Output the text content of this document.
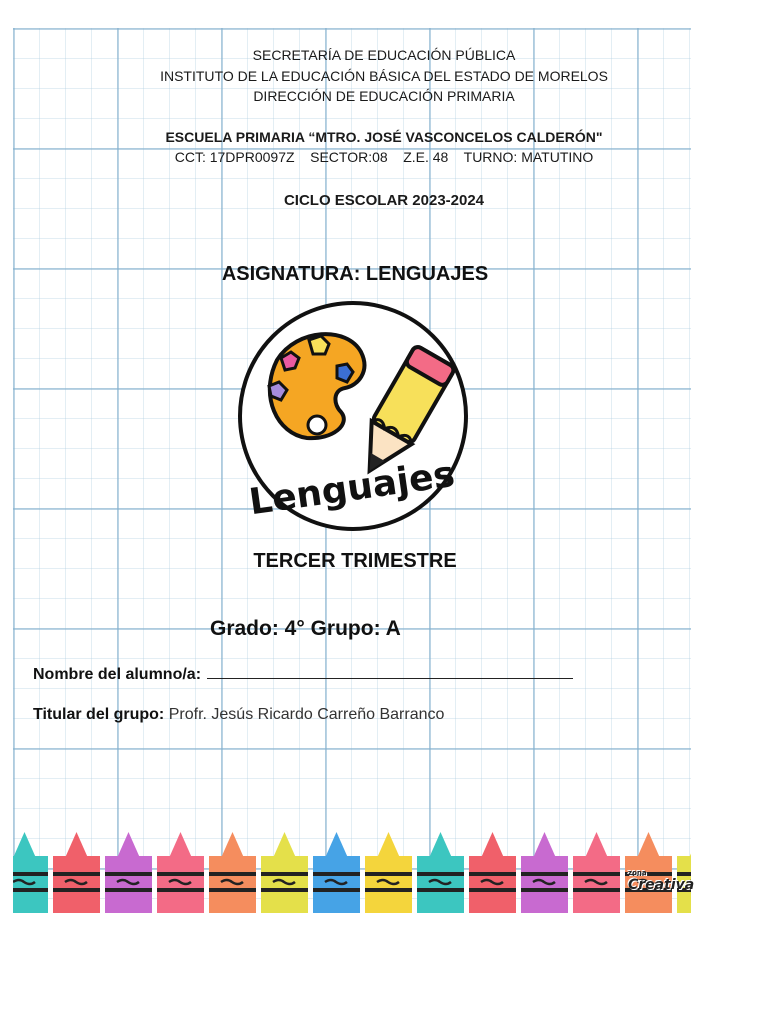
SECRETARÍA DE EDUCACIÓN PÚBLICA
INSTITUTO DE LA EDUCACIÓN BÁSICA DEL ESTADO DE MORELOS
DIRECCIÓN DE EDUCACIÓN PRIMARIA
ESCUELA PRIMARIA “MTRO. JOSÉ VASCONCELOS CALDERÓN"
CCT: 17DPR0097Z    SECTOR:08    Z.E. 48    TURNO: MATUTINO
CICLO ESCOLAR 2023-2024
ASIGNATURA: LENGUAJES
Lenguajes
TERCER TRIMESTRE
Grado: 4° Grupo: A
Nombre del alumno/a:
Titular del grupo: Profr. Jesús Ricardo Carreño Barranco
zona
Creativa
